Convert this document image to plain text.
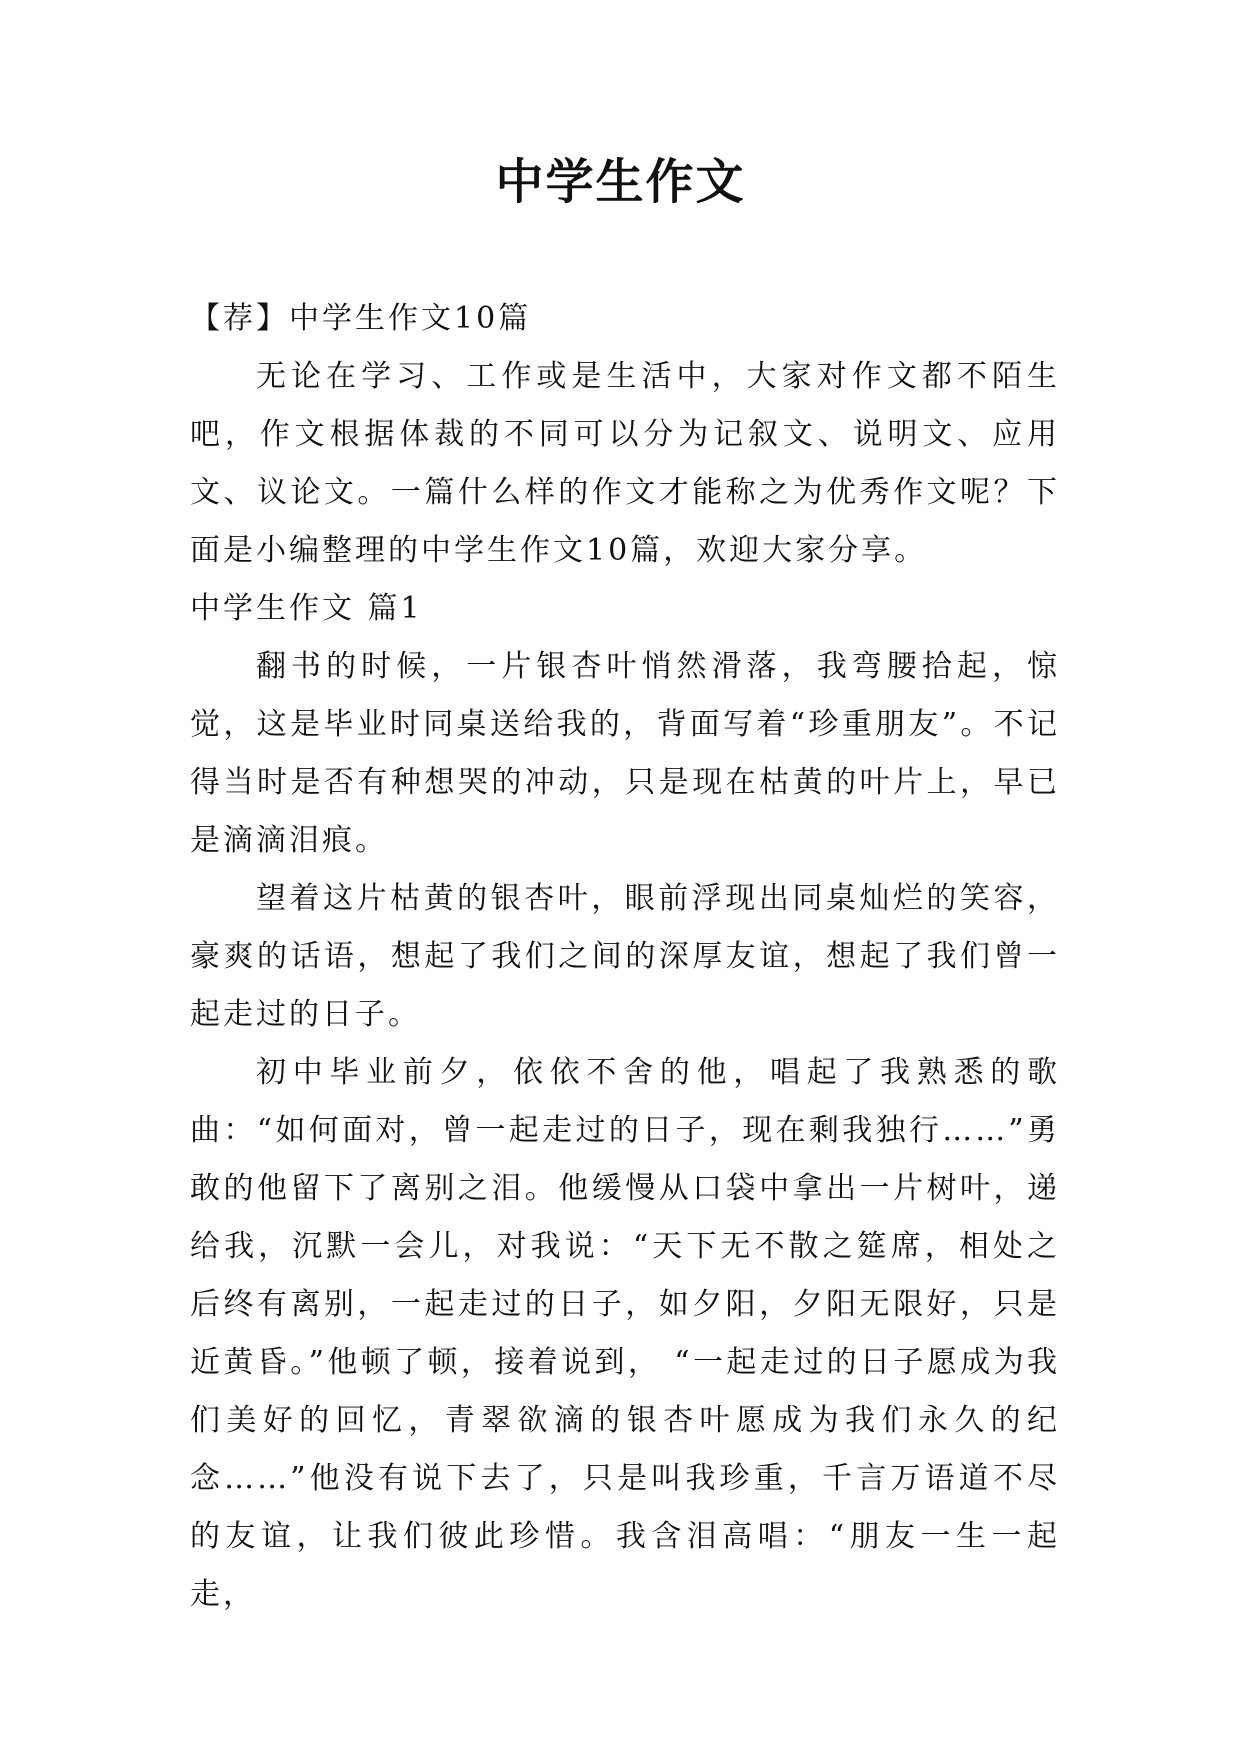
中学生作文

【荐】中学生作文10篇

无论在学习、工作或是生活中，大家对作文都不陌生吧，作文根据体裁的不同可以分为记叙文、说明文、应用文、议论文。一篇什么样的作文才能称之为优秀作文呢？下面是小编整理的中学生作文10篇，欢迎大家分享。

中学生作文 篇1

翻书的时候，一片银杏叶悄然滑落，我弯腰拾起，惊觉，这是毕业时同桌送给我的，背面写着“珍重朋友”。不记得当时是否有种想哭的冲动，只是现在枯黄的叶片上，早已是滴滴泪痕。

望着这片枯黄的银杏叶，眼前浮现出同桌灿烂的笑容，豪爽的话语，想起了我们之间的深厚友谊，想起了我们曾一起走过的日子。

初中毕业前夕，依依不舍的他，唱起了我熟悉的歌曲：“如何面对，曾一起走过的日子，现在剩我独行……”勇敢的他留下了离别之泪。他缓慢从口袋中拿出一片树叶，递给我，沉默一会儿，对我说：“天下无不散之筵席，相处之后终有离别，一起走过的日子，如夕阳，夕阳无限好，只是近黄昏。”他顿了顿，接着说到， “一起走过的日子愿成为我们美好的回忆，青翠欲滴的银杏叶愿成为我们永久的纪念……”他没有说下去了，只是叫我珍重，千言万语道不尽的友谊，让我们彼此珍惜。我含泪高唱：“朋友一生一起走，
